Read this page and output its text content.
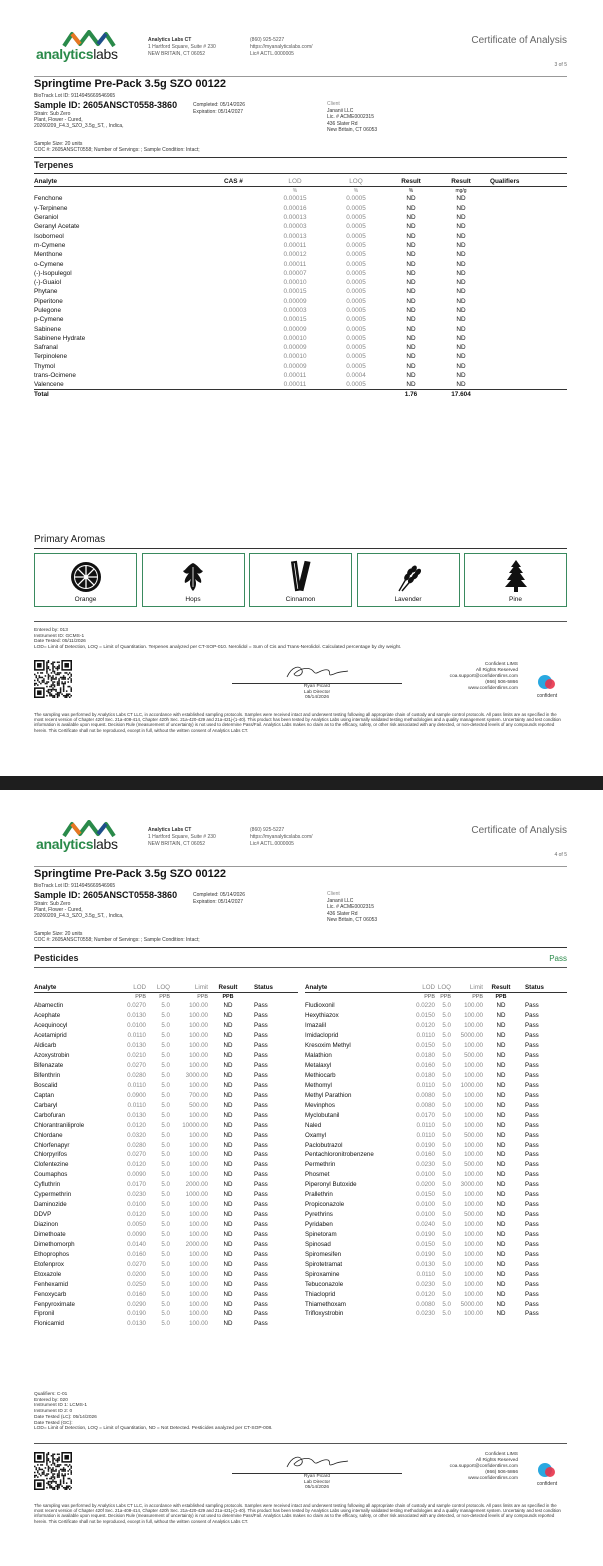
analyticslabs
Analytics Labs CT
1 Hartford Square, Suite # 230
NEW BRITAIN, CT 06052
(860) 925-5227
https://myanalyticslabs.com/
Lic# ACTL.0000005
Certificate of Analysis
3 of 5
Springtime Pre-Pack 3.5g SZO 00122
BioTrack Lot ID: 9114945669546965
Sample ID: 2605ANSCT0558-3860
Strain: Sub Zero
Plant, Flower - Cured,
20260209_F4.3_SZO_3.5g_ST, , Indica,
Completed: 05/14/2026
Expiration: 05/14/2027
Client
Jananii LLC
Lic. # ACME0002315
436 Slater Rd
New Britain, CT 06053
Sample Size: 20 units
COC #: 2605ANSCT0558; Number of Servings: ; Sample Condition: Intact;
Terpenes
Analyte	CAS #	LOD	LOQ	Result	Result	Qualifiers
		%	%	%	mg/g	
Fenchone		0.00015	0.0005	ND	ND	
γ-Terpinene		0.00016	0.0005	ND	ND	
Geraniol		0.00013	0.0005	ND	ND	
Geranyl Acetate		0.00003	0.0005	ND	ND	
Isoborneol		0.00013	0.0005	ND	ND	
m-Cymene		0.00011	0.0005	ND	ND	
Menthone		0.00012	0.0005	ND	ND	
o-Cymene		0.00011	0.0005	ND	ND	
(-)-Isopulegol		0.00007	0.0005	ND	ND	
(-)-Guaiol		0.00010	0.0005	ND	ND	
Phytane		0.00015	0.0005	ND	ND	
Piperitone		0.00009	0.0005	ND	ND	
Pulegone		0.00003	0.0005	ND	ND	
p-Cymene		0.00015	0.0005	ND	ND	
Sabinene		0.00009	0.0005	ND	ND	
Sabinene Hydrate		0.00010	0.0005	ND	ND	
Safranal		0.00009	0.0005	ND	ND	
Terpinolene		0.00010	0.0005	ND	ND	
Thymol		0.00009	0.0005	ND	ND	
trans-Ocimene		0.00011	0.0004	ND	ND	
Valencene		0.00011	0.0005	ND	ND	
Total				1.76	17.604	
Primary Aromas
Orange	Hops	Cinnamon	Lavender	Pine
Entered by: 013
Instrument ID: GCMS-1
Date Tested: 05/11/2026
LOD= Limit of Detection, LOQ = Limit of Quantitation. Terpenes analyzed per CT-SOP-010. Nerolidol = Sum of Cis and Trans-Nerolidol. Calculated percentage by dry weight.
Ryan Picard
Lab Director
05/14/2026
Confident LIMS
All Rights Reserved
coa.support@confidentlims.com
(866) 506-5866
www.confidentlims.com
confident
The sampling was performed by Analytics Labs CT LLC, in accordance with established sampling protocols. Samples were received intact and underwent testing following all appropriate chain of custody and sample control protocols. All pass limits are as specified in the most recent version of Chapter 420f Sec. 21a-408-414, Chapter 420h Sec. 21a-420-429 and 21a-421j-(1-40). This product has been tested by Analytics Labs using internally validated testing methodologies and a quality management system. Uncertainty and test condition information is available upon request. Decision Rule (measurement of uncertainty) is not used to determine Pass/Fail. Analytics Labs makes no claim as to the efficacy, safety, or other risk associated with any detected, or non-detected levels of any compounds reported herein. This Certificate shall not be reproduced, except in full, without the written consent of Analytics Labs CT.
analyticslabs
Analytics Labs CT
1 Hartford Square, Suite # 230
NEW BRITAIN, CT 06052
(860) 925-5227
https://myanalyticslabs.com/
Lic# ACTL.0000005
Certificate of Analysis
4 of 5
Springtime Pre-Pack 3.5g SZO 00122
BioTrack Lot ID: 9114945669546965
Sample ID: 2605ANSCT0558-3860
Strain: Sub Zero
Plant, Flower - Cured,
20260209_F4.3_SZO_3.5g_ST, , Indica,
Completed: 05/14/2026
Expiration: 05/14/2027
Client
Jananii LLC
Lic. # ACME0002315
436 Slater Rd
New Britain, CT 06053
Sample Size: 20 units
COC #: 2605ANSCT0558; Number of Servings: ; Sample Condition: Intact;
Pesticides	Pass
Analyte	LOD	LOQ	Limit	Result	Status
	PPB	PPB	PPB	PPB	
Abamectin	0.0270	5.0	100.00	ND	Pass
Acephate	0.0130	5.0	100.00	ND	Pass
Acequinocyl	0.0100	5.0	100.00	ND	Pass
Acetamiprid	0.0110	5.0	100.00	ND	Pass
Aldicarb	0.0130	5.0	100.00	ND	Pass
Azoxystrobin	0.0210	5.0	100.00	ND	Pass
Bifenazate	0.0270	5.0	100.00	ND	Pass
Bifenthrin	0.0280	5.0	3000.00	ND	Pass
Boscalid	0.0110	5.0	100.00	ND	Pass
Captan	0.0900	5.0	700.00	ND	Pass
Carbaryl	0.0110	5.0	500.00	ND	Pass
Carbofuran	0.0130	5.0	100.00	ND	Pass
Chlorantraniliprole	0.0120	5.0	10000.00	ND	Pass
Chlordane	0.0320	5.0	100.00	ND	Pass
Chlorfenapyr	0.0280	5.0	100.00	ND	Pass
Chlorpyrifos	0.0270	5.0	100.00	ND	Pass
Clofentezine	0.0120	5.0	100.00	ND	Pass
Coumaphos	0.0090	5.0	100.00	ND	Pass
Cyfluthrin	0.0170	5.0	2000.00	ND	Pass
Cypermethrin	0.0230	5.0	1000.00	ND	Pass
Daminozide	0.0100	5.0	100.00	ND	Pass
DDVP	0.0120	5.0	100.00	ND	Pass
Diazinon	0.0050	5.0	100.00	ND	Pass
Dimethoate	0.0090	5.0	100.00	ND	Pass
Dimethomorph	0.0140	5.0	2000.00	ND	Pass
Ethoprophos	0.0160	5.0	100.00	ND	Pass
Etofenprox	0.0270	5.0	100.00	ND	Pass
Etoxazole	0.0200	5.0	100.00	ND	Pass
Fenhexamid	0.0250	5.0	100.00	ND	Pass
Fenoxycarb	0.0160	5.0	100.00	ND	Pass
Fenpyroximate	0.0290	5.0	100.00	ND	Pass
Fipronil	0.0190	5.0	100.00	ND	Pass
Flonicamid	0.0130	5.0	100.00	ND	Pass
Analyte	LOD	LOQ	Limit	Result	Status
	PPB	PPB	PPB	PPB	
Fludioxonil	0.0220	5.0	100.00	ND	Pass
Hexythiazox	0.0150	5.0	100.00	ND	Pass
Imazalil	0.0120	5.0	100.00	ND	Pass
Imidacloprid	0.0110	5.0	5000.00	ND	Pass
Kresoxim Methyl	0.0150	5.0	100.00	ND	Pass
Malathion	0.0180	5.0	500.00	ND	Pass
Metalaxyl	0.0160	5.0	100.00	ND	Pass
Methiocarb	0.0180	5.0	100.00	ND	Pass
Methomyl	0.0110	5.0	1000.00	ND	Pass
Methyl Parathion	0.0080	5.0	100.00	ND	Pass
Mevinphos	0.0080	5.0	100.00	ND	Pass
Myclobutanil	0.0170	5.0	100.00	ND	Pass
Naled	0.0110	5.0	100.00	ND	Pass
Oxamyl	0.0110	5.0	500.00	ND	Pass
Paclobutrazol	0.0190	5.0	100.00	ND	Pass
Pentachloronitrobenzene	0.0160	5.0	100.00	ND	Pass
Permethrin	0.0230	5.0	500.00	ND	Pass
Phosmet	0.0100	5.0	100.00	ND	Pass
Piperonyl Butoxide	0.0200	5.0	3000.00	ND	Pass
Prallethrin	0.0150	5.0	100.00	ND	Pass
Propiconazole	0.0100	5.0	100.00	ND	Pass
Pyrethrins	0.0100	5.0	500.00	ND	Pass
Pyridaben	0.0240	5.0	100.00	ND	Pass
Spinetoram	0.0190	5.0	100.00	ND	Pass
Spinosad	0.0150	5.0	100.00	ND	Pass
Spiromesifen	0.0190	5.0	100.00	ND	Pass
Spirotetramat	0.0130	5.0	100.00	ND	Pass
Spiroxamine	0.0110	5.0	100.00	ND	Pass
Tebuconazole	0.0230	5.0	100.00	ND	Pass
Thiacloprid	0.0120	5.0	100.00	ND	Pass
Thiamethoxam	0.0080	5.0	5000.00	ND	Pass
Trifloxystrobin	0.0230	5.0	100.00	ND	Pass
Qualifiers: C-01
Entered by: 020
Instrument ID 1: LCMS-1
Instrument ID 2: 0
Date Tested (LC): 05/14/2026
Date Tested (GC):
LOD= Limit of Detection, LOQ = Limit of Quantitation, ND = Not Detected. Pesticides analyzed per CT-SOP-008.
Ryan Picard
Lab Director
05/14/2026
Confident LIMS
All Rights Reserved
coa.support@confidentlims.com
(866) 506-5866
www.confidentlims.com
confident
The sampling was performed by Analytics Labs CT LLC, in accordance with established sampling protocols. Samples were received intact and underwent testing following all appropriate chain of custody and sample control protocols. All pass limits are as specified in the most recent version of Chapter 420f Sec. 21a-408-414, Chapter 420h Sec. 21a-420-429 and 21a-421j-(1-40). This product has been tested by Analytics Labs using internally validated testing methodologies and a quality management system. Uncertainty and test condition information is available upon request. Decision Rule (measurement of uncertainty) is not used to determine Pass/Fail. Analytics Labs makes no claim as to the efficacy, safety, or other risk associated with any detected, or non-detected levels of any compounds reported herein. This Certificate shall not be reproduced, except in full, without the written consent of Analytics Labs CT.
